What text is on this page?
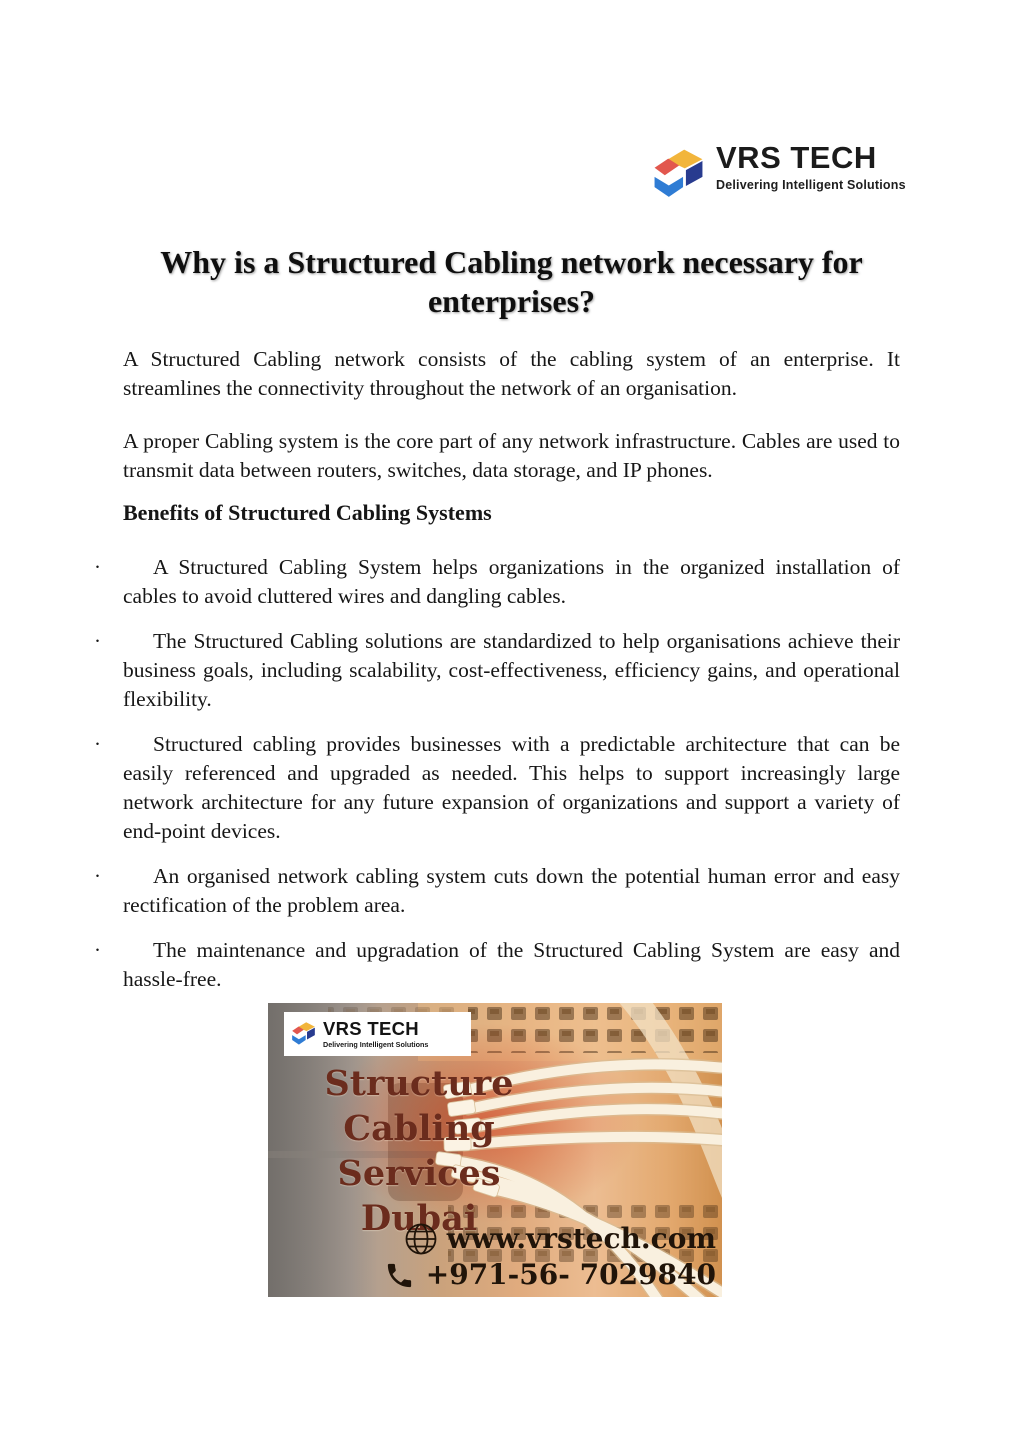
VRS TECH
Delivering Intelligent Solutions
Why is a Structured Cabling network necessary for
enterprises?

A Structured Cabling network consists of the cabling system of an enterprise. It streamlines the connectivity throughout the network of an organisation.

A proper Cabling system is the core part of any network infrastructure. Cables are used to transmit data between routers, switches, data storage, and IP phones.

Benefits of Structured Cabling Systems
· A Structured Cabling System helps organizations in the organized installation of cables to avoid cluttered wires and dangling cables.
· The Structured Cabling solutions are standardized to help organisations achieve their business goals, including scalability, cost-effectiveness, efficiency gains, and operational flexibility.
· Structured cabling provides businesses with a predictable architecture that can be easily referenced and upgraded as needed. This helps to support increasingly large network architecture for any future expansion of organizations and support a variety of end-point devices.
· An organised network cabling system cuts down the potential human error and easy rectification of the problem area.
· The maintenance and upgradation of the Structured Cabling System are easy and hassle-free.
VRS TECH
Delivering Intelligent Solutions
Structure
Cabling
Services Dubai
www.vrstech.com
+971-56- 7029840
